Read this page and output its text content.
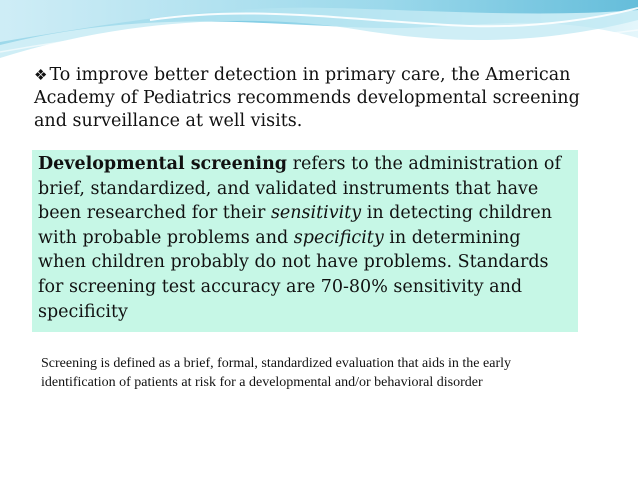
❖ To improve better detection in primary care, the American Academy of Pediatrics recommends developmental screening and surveillance at well visits.
Developmental screening refers to the administration of brief, standardized, and validated instruments that have been researched for their sensitivity in detecting children with probable problems and specificity in determining when children probably do not have problems. Standards for screening test accuracy are 70-80% sensitivity and specificity
Screening is defined as a brief, formal, standardized evaluation that aids in the early identification of patients at risk for a developmental and/or behavioral disorder
